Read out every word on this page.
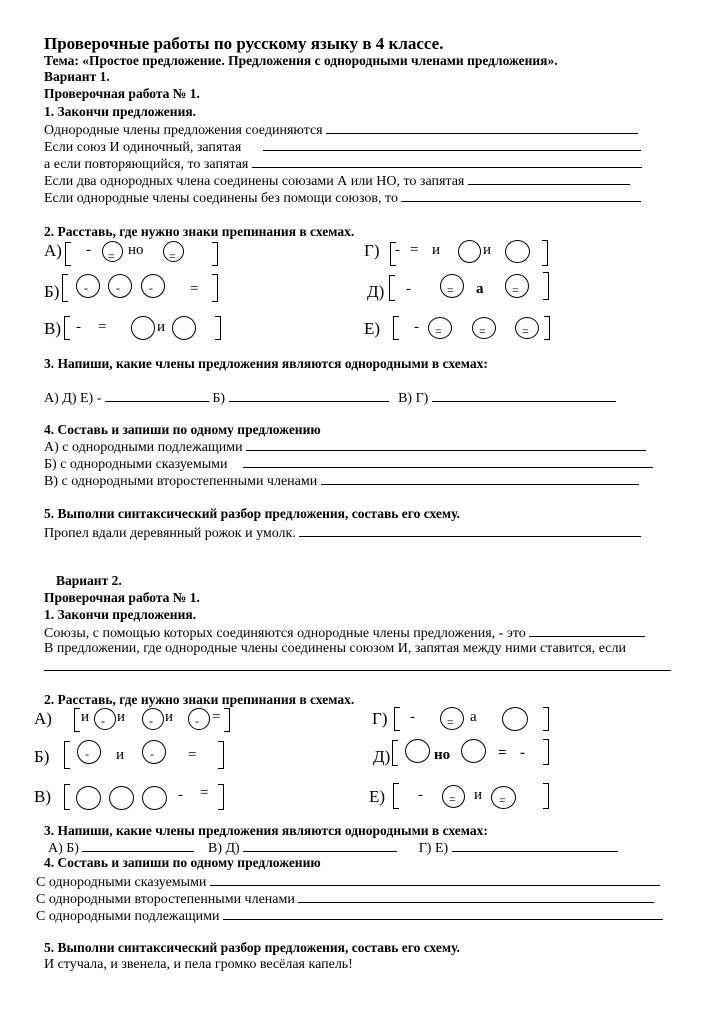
Проверочные работы по русскому языку в 4 классе.
Тема: «Простое предложение. Предложения с однородными членами предложения».
Вариант 1.
Проверочная работа № 1.
1. Закончи предложения.
Однородные члены предложения соединяются
Если союз И одиночный, запятая
а если повторяющийся, то запятая
Если два однородных члена соединены союзами А или НО, то запятая
Если однородные члены соединены без помощи союзов, то
2. Расставь, где нужно знаки препинания в схемах.
А) - = но =	Г) - = и	и
Б) - - - =	Д) -	= а =
В) - =	и	Е) - =	=	=
3. Напиши, какие члены предложения являются однородными в схемах:
А) Д) Е) -	Б)	В) Г)
4. Составь и запиши по одному предложению
А) с однородными подлежащими
Б) с однородными сказуемыми
В) с однородными второстепенными членами
5. Выполни синтаксический разбор предложения, составь его схему.
Пропел вдали деревянный рожок и умолк.
Вариант 2.
Проверочная работа № 1.
1. Закончи предложения.
Союзы, с помощью которых соединяются однородные члены предложения, - это
В предложении, где однородные члены соединены союзом И, запятая между ними ставится, если
2. Расставь, где нужно знаки препинания в схемах.
А) и - и - и - =	Г) -	= а
Б)	- и - =	Д)	но	= -
В)	- =	Е) - = и =
3. Напиши, какие члены предложения являются однородными в схемах:
А) Б)	В) Д)	Г) Е)
4. Составь и запиши по одному предложению
С однородными сказуемыми
С однородными второстепенными членами
С однородными подлежащими
5. Выполни синтаксический разбор предложения, составь его схему.
И стучала, и звенела, и пела громко весёлая капель!
